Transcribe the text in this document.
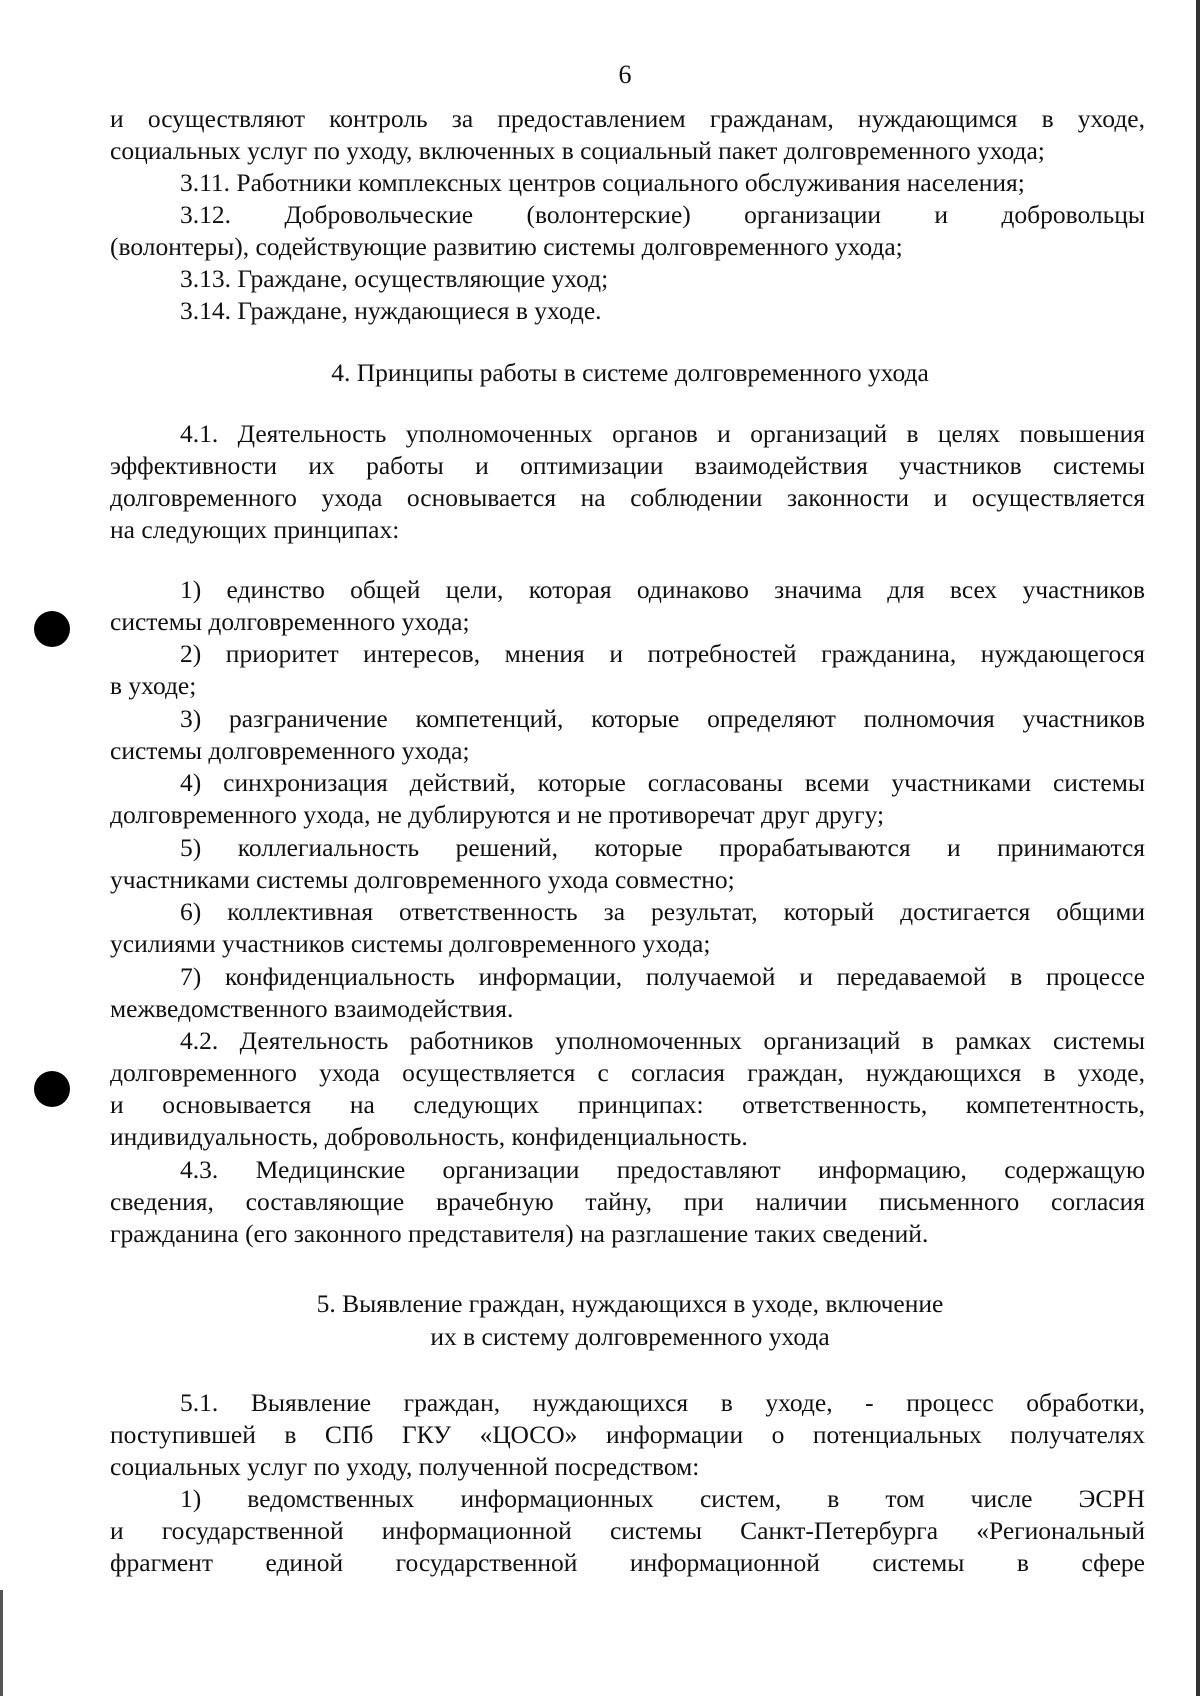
6
и осуществляют контроль за предоставлением гражданам, нуждающимся в уходе,
социальных услуг по уходу, включенных в социальный пакет долговременного ухода;
3.11. Работники комплексных центров социального обслуживания населения;
3.12. Добровольческие (волонтерские) организации и добровольцы
(волонтеры), содействующие развитию системы долговременного ухода;
3.13. Граждане, осуществляющие уход;
3.14. Граждане, нуждающиеся в уходе.
4. Принципы работы в системе долговременного ухода
4.1. Деятельность уполномоченных органов и организаций в целях повышения
эффективности их работы и оптимизации взаимодействия участников системы
долговременного ухода основывается на соблюдении законности и осуществляется
на следующих принципах:
1) единство общей цели, которая одинаково значима для всех участников
системы долговременного ухода;
2) приоритет интересов, мнения и потребностей гражданина, нуждающегося
в уходе;
3) разграничение компетенций, которые определяют полномочия участников
системы долговременного ухода;
4) синхронизация действий, которые согласованы всеми участниками системы
долговременного ухода, не дублируются и не противоречат друг другу;
5) коллегиальность решений, которые прорабатываются и принимаются
участниками системы долговременного ухода совместно;
6) коллективная ответственность за результат, который достигается общими
усилиями участников системы долговременного ухода;
7) конфиденциальность информации, получаемой и передаваемой в процессе
межведомственного взаимодействия.
4.2. Деятельность работников уполномоченных организаций в рамках системы
долговременного ухода осуществляется с согласия граждан, нуждающихся в уходе,
и основывается на следующих принципах: ответственность, компетентность,
индивидуальность, добровольность, конфиденциальность.
4.3. Медицинские организации предоставляют информацию, содержащую
сведения, составляющие врачебную тайну, при наличии письменного согласия
гражданина (его законного представителя) на разглашение таких сведений.
5. Выявление граждан, нуждающихся в уходе, включение
их в систему долговременного ухода
5.1. Выявление граждан, нуждающихся в уходе, - процесс обработки,
поступившей в СПб ГКУ «ЦОСО» информации о потенциальных получателях
социальных услуг по уходу, полученной посредством:
1) ведомственных информационных систем, в том числе ЭСРН
и государственной информационной системы Санкт-Петербурга «Региональный
фрагмент единой государственной информационной системы в сфере
